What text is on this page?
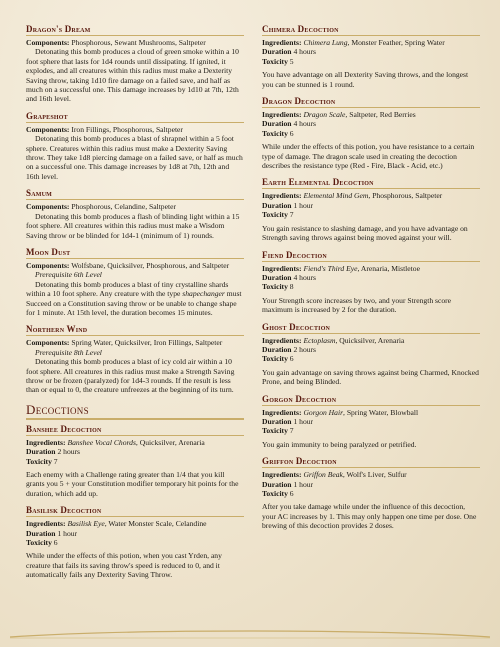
Dragon's Dream

Components: Phosphorous, Sewant Mushrooms, Saltpeter

Detonating this bomb produces a cloud of green smoke within a 10 foot sphere that lasts for 1d4 rounds until dissipating. If ignited, it explodes, and all creatures within this radius must make a Dexterity Saving throw, taking 1d10 fire damage on a failed save, and half as much on a successful one. This damage increases by 1d10 at 7th, 12th and 16th level.

Grapeshot

Components: Iron Fillings, Phosphorous, Saltpeter

Detonating this bomb produces a blast of shrapnel within a 5 foot sphere. Creatures within this radius must make a Dexterity Saving throw. They take 1d8 piercing damage on a failed save, or half as much on a successful one. This damage increases by 1d8 at 7th, 12th and 16th level.

Samum

Components: Phosphorous, Celandine, Saltpeter

Detonating this bomb produces a flash of blinding light within a 15 foot sphere. All creatures within this radius must make a Wisdom Saving throw or be blinded for 1d4-1 (minimum of 1) rounds.

Moon Dust

Components: Wolfsbane, Quicksilver, Phosphorous, and Saltpeter

Prerequisite 6th Level

Detonating this bomb produces a blast of tiny crystalline shards within a 10 foot sphere. Any creature with the type shapechanger must Succeed on a Constitution saving throw or be unable to change shape for 1 minute. At 15th level, the duration becomes 15 minutes.

Northern Wind

Components: Spring Water, Quicksilver, Iron Fillings, Saltpeter

Prerequisite 8th Level

Detonating this bomb produces a blast of icy cold air within a 10 foot sphere. All creatures in this radius must make a Strength Saving throw or be frozen (paralyzed) for 1d4-3 rounds. If the result is less than or equal to 0, the creature unfreezes at the beginning of its turn.

Decoctions
Banshee Decoction

Ingredients: Banshee Vocal Chords, Quicksilver, Arenaria

Duration 2 hours

Toxicity 7

Each enemy with a Challenge rating greater than 1/4 that you kill grants you 5 + your Constitution modifier temporary hit points for the duration, which add up.

Basilisk Decoction

Ingredients: Basilisk Eye, Water Monster Scale, Celandine

Duration 1 hour

Toxicity 6

While under the effects of this potion, when you cast Yrden, any creature that fails its saving throw's speed is reduced to 0, and it automatically fails any Dexterity Saving Throw.

Chimera Decoction

Ingredients: Chimera Lung, Monster Feather, Spring Water

Duration 4 hours

Toxicity 5

You have advantage on all Dexterity Saving throws, and the longest you can be stunned is 1 round.

Dragon Decoction

Ingredients: Dragon Scale, Saltpeter, Red Berries

Duration 4 hours

Toxicity 6

While under the effects of this potion, you have resistance to a certain type of damage. The dragon scale used in creating the decoction describes the resistance type (Red - Fire, Black - Acid, etc.)

Earth Elemental Decoction

Ingredients: Elemental Mind Gem, Phosphorous, Saltpeter

Duration 1 hour

Toxicity 7

You gain resistance to slashing damage, and you have advantage on Strength saving throws against being moved against your will.

Fiend Decoction

Ingredients: Fiend's Third Eye, Arenaria, Mistletoe

Duration 4 hours

Toxicity 8

Your Strength score increases by two, and your Strength score maximum is increased by 2 for the duration.

Ghost Decoction

Ingredients: Ectoplasm, Quicksilver, Arenaria

Duration 2 hours

Toxicity 6

You gain advantage on saving throws against being Charmed, Knocked Prone, and being Blinded.

Gorgon Decoction

Ingredients: Gorgon Hair, Spring Water, Blowball

Duration 1 hour

Toxicity 7

You gain immunity to being paralyzed or petrified.

Griffon Decoction

Ingredients: Griffon Beak, Wolf's Liver, Sulfur

Duration 1 hour

Toxicity 6

After you take damage while under the influence of this decoction, your AC increases by 1. This may only happen one time per dose. One brewing of this decoction provides 2 doses.
